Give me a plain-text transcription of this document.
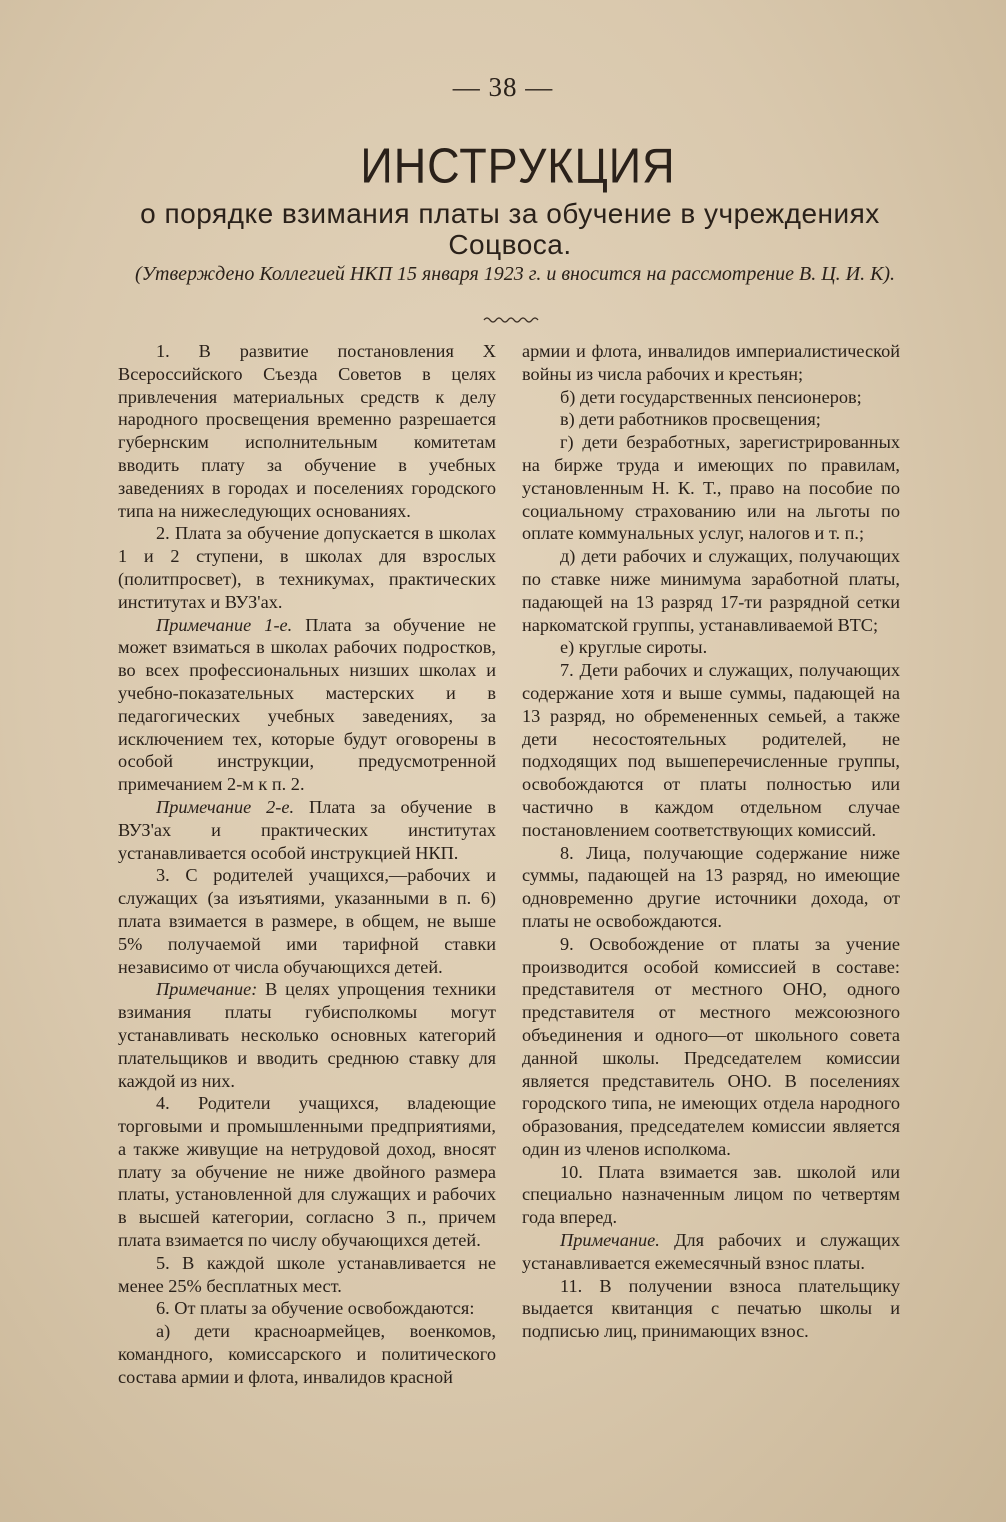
— 38 —
ИНСТРУКЦИЯ
о порядке взимания платы за обучение в учреждениях Соцвоса.
(Утверждено Коллегией НКП 15 января 1923 г. и вносится на рассмотрение В. Ц. И. К).

1. В развитие постановления X Всероссийского Съезда Советов в целях привлечения материальных средств к делу народного просвещения временно разрешается губернским исполнительным комитетам вводить плату за обучение в учебных заведениях в городах и поселениях городского типа на нижеследующих основаниях.

2. Плата за обучение допускается в школах 1 и 2 ступени, в школах для взрослых (политпросвет), в техникумах, практических институтах и ВУЗ'ах.

Примечание 1-е. Плата за обучение не может взиматься в школах рабочих подростков, во всех профессиональных низших школах и учебно-показательных мастерских и в педагогических учебных заведениях, за исключением тех, которые будут оговорены в особой инструкции, предусмотренной примечанием 2-м к п. 2.

Примечание 2-е. Плата за обучение в ВУЗ'ах и практических институтах устанавливается особой инструкцией НКП.

3. С родителей учащихся,—рабочих и служащих (за изъятиями, указанными в п. 6) плата взимается в размере, в общем, не выше 5% получаемой ими тарифной ставки независимо от числа обучающихся детей.

Примечание: В целях упрощения техники взимания платы губисполкомы могут устанавливать несколько основных категорий плательщиков и вводить среднюю ставку для каждой из них.

4. Родители учащихся, владеющие торговыми и промышленными предприятиями, а также живущие на нетрудовой доход, вносят плату за обучение не ниже двойного размера платы, установленной для служащих и рабочих в высшей категории, согласно 3 п., причем плата взимается по числу обучающихся детей.

5. В каждой школе устанавливается не менее 25% бесплатных мест.

6. От платы за обучение освобождаются:

а) дети красноармейцев, военкомов, командного, комиссарского и политического состава армии и флота, инвалидов красной

армии и флота, инвалидов империалистической войны из числа рабочих и крестьян;

б) дети государственных пенсионеров;

в) дети работников просвещения;

г) дети безработных, зарегистрированных на бирже труда и имеющих по правилам, установленным Н. К. Т., право на пособие по социальному страхованию или на льготы по оплате коммунальных услуг, налогов и т. п.;

д) дети рабочих и служащих, получающих по ставке ниже минимума заработной платы, падающей на 13 разряд 17-ти разрядной сетки наркоматской группы, устанавливаемой ВТС;

е) круглые сироты.

7. Дети рабочих и служащих, получающих содержание хотя и выше суммы, падающей на 13 разряд, но обремененных семьей, а также дети несостоятельных родителей, не подходящих под вышеперечисленные группы, освобождаются от платы полностью или частично в каждом отдельном случае постановлением соответствующих комиссий.

8. Лица, получающие содержание ниже суммы, падающей на 13 разряд, но имеющие одновременно другие источники дохода, от платы не освобождаются.

9. Освобождение от платы за учение производится особой комиссией в составе: представителя от местного ОНО, одного представителя от местного межсоюзного объединения и одного—от школьного совета данной школы. Председателем комиссии является представитель ОНО. В поселениях городского типа, не имеющих отдела народного образования, председателем комиссии является один из членов исполкома.

10. Плата взимается зав. школой или специально назначенным лицом по четвертям года вперед.

Примечание. Для рабочих и служащих устанавливается ежемесячный взнос платы.

11. В получении взноса плательщику выдается квитанция с печатью школы и подписью лиц, принимающих взнос.
